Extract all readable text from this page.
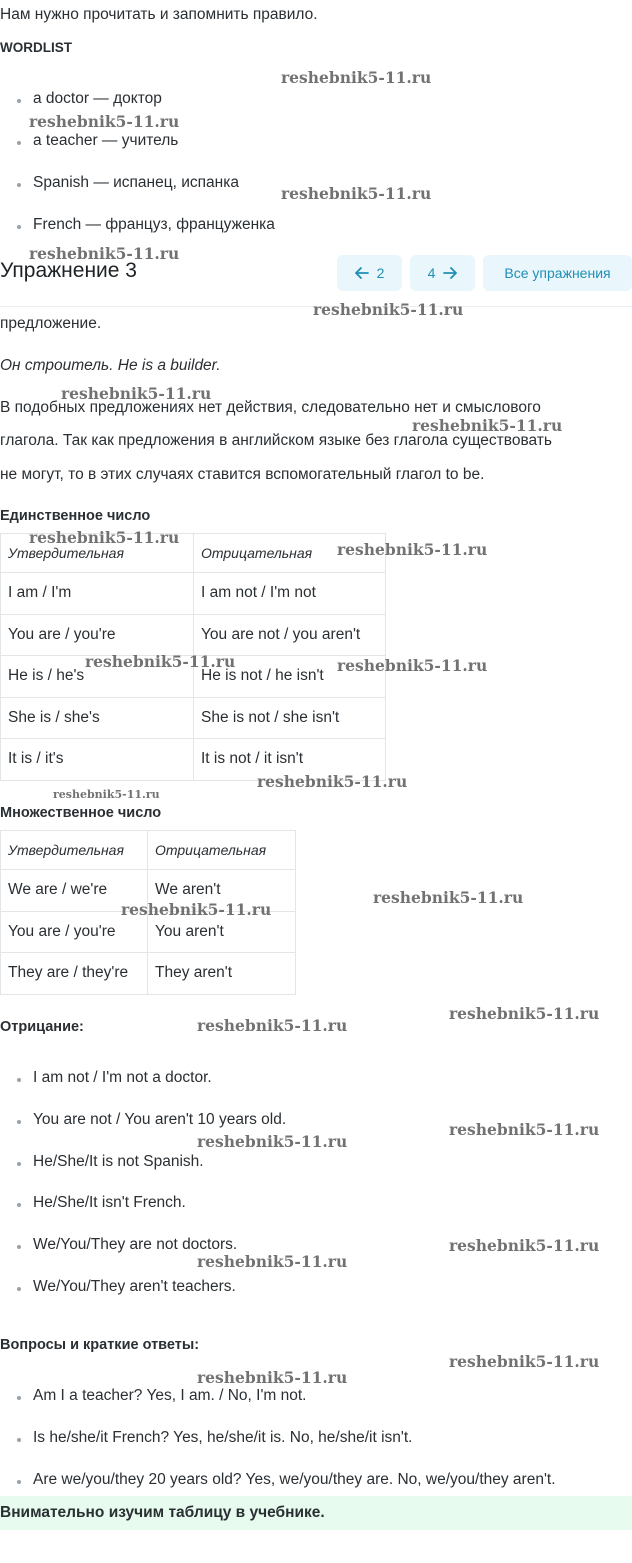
Нам нужно прочитать и запомнить правило.
WORDLIST
a doctor — доктор
a teacher — учитель
Spanish — испанец, испанка
French — француз, француженка
Упражнение 3	2	4	Все упражнения
предложение.
Он строитель. He is a builder.
В подобных предложениях нет действия, следовательно нет и смыслового
глагола. Так как предложения в английском языке без глагола существовать
не могут, то в этих случаях ставится вспомогательный глагол to be.
Единственное число
Утвердительная	Отрицательная
I am / I'm	I am not / I'm not
You are / you're	You are not / you aren't
He is / he's	He is not / he isn't
She is / she's	She is not / she isn't
It is / it's	It is not / it isn't
Множественное число
Утвердительная	Отрицательная
We are / we're	We aren't
You are / you're	You aren't
They are / they're	They aren't
Отрицание:
I am not / I'm not a doctor.
You are not / You aren't 10 years old.
He/She/It is not Spanish.
He/She/It isn't French.
We/You/They are not doctors.
We/You/They aren't teachers.
Вопросы и краткие ответы:
Am I a teacher? Yes, I am. / No, I'm not.
Is he/she/it French? Yes, he/she/it is. No, he/she/it isn't.
Are we/you/they 20 years old? Yes, we/you/they are. No, we/you/they aren't.
Внимательно изучим таблицу в учебнике.
reshebnik5-11.ru
reshebnik5-11.ru
reshebnik5-11.ru
reshebnik5-11.ru
reshebnik5-11.ru
reshebnik5-11.ru
reshebnik5-11.ru
reshebnik5-11.ru
reshebnik5-11.ru
reshebnik5-11.ru	reshebnik5-11.ru
reshebnik5-11.ru
reshebnik5-11.ru
reshebnik5-11.ru
reshebnik5-11.ru
reshebnik5-11.ru
reshebnik5-11.ru
reshebnik5-11.ru
reshebnik5-11.ru
reshebnik5-11.ru
reshebnik5-11.ru
reshebnik5-11.ru
reshebnik5-11.ru
